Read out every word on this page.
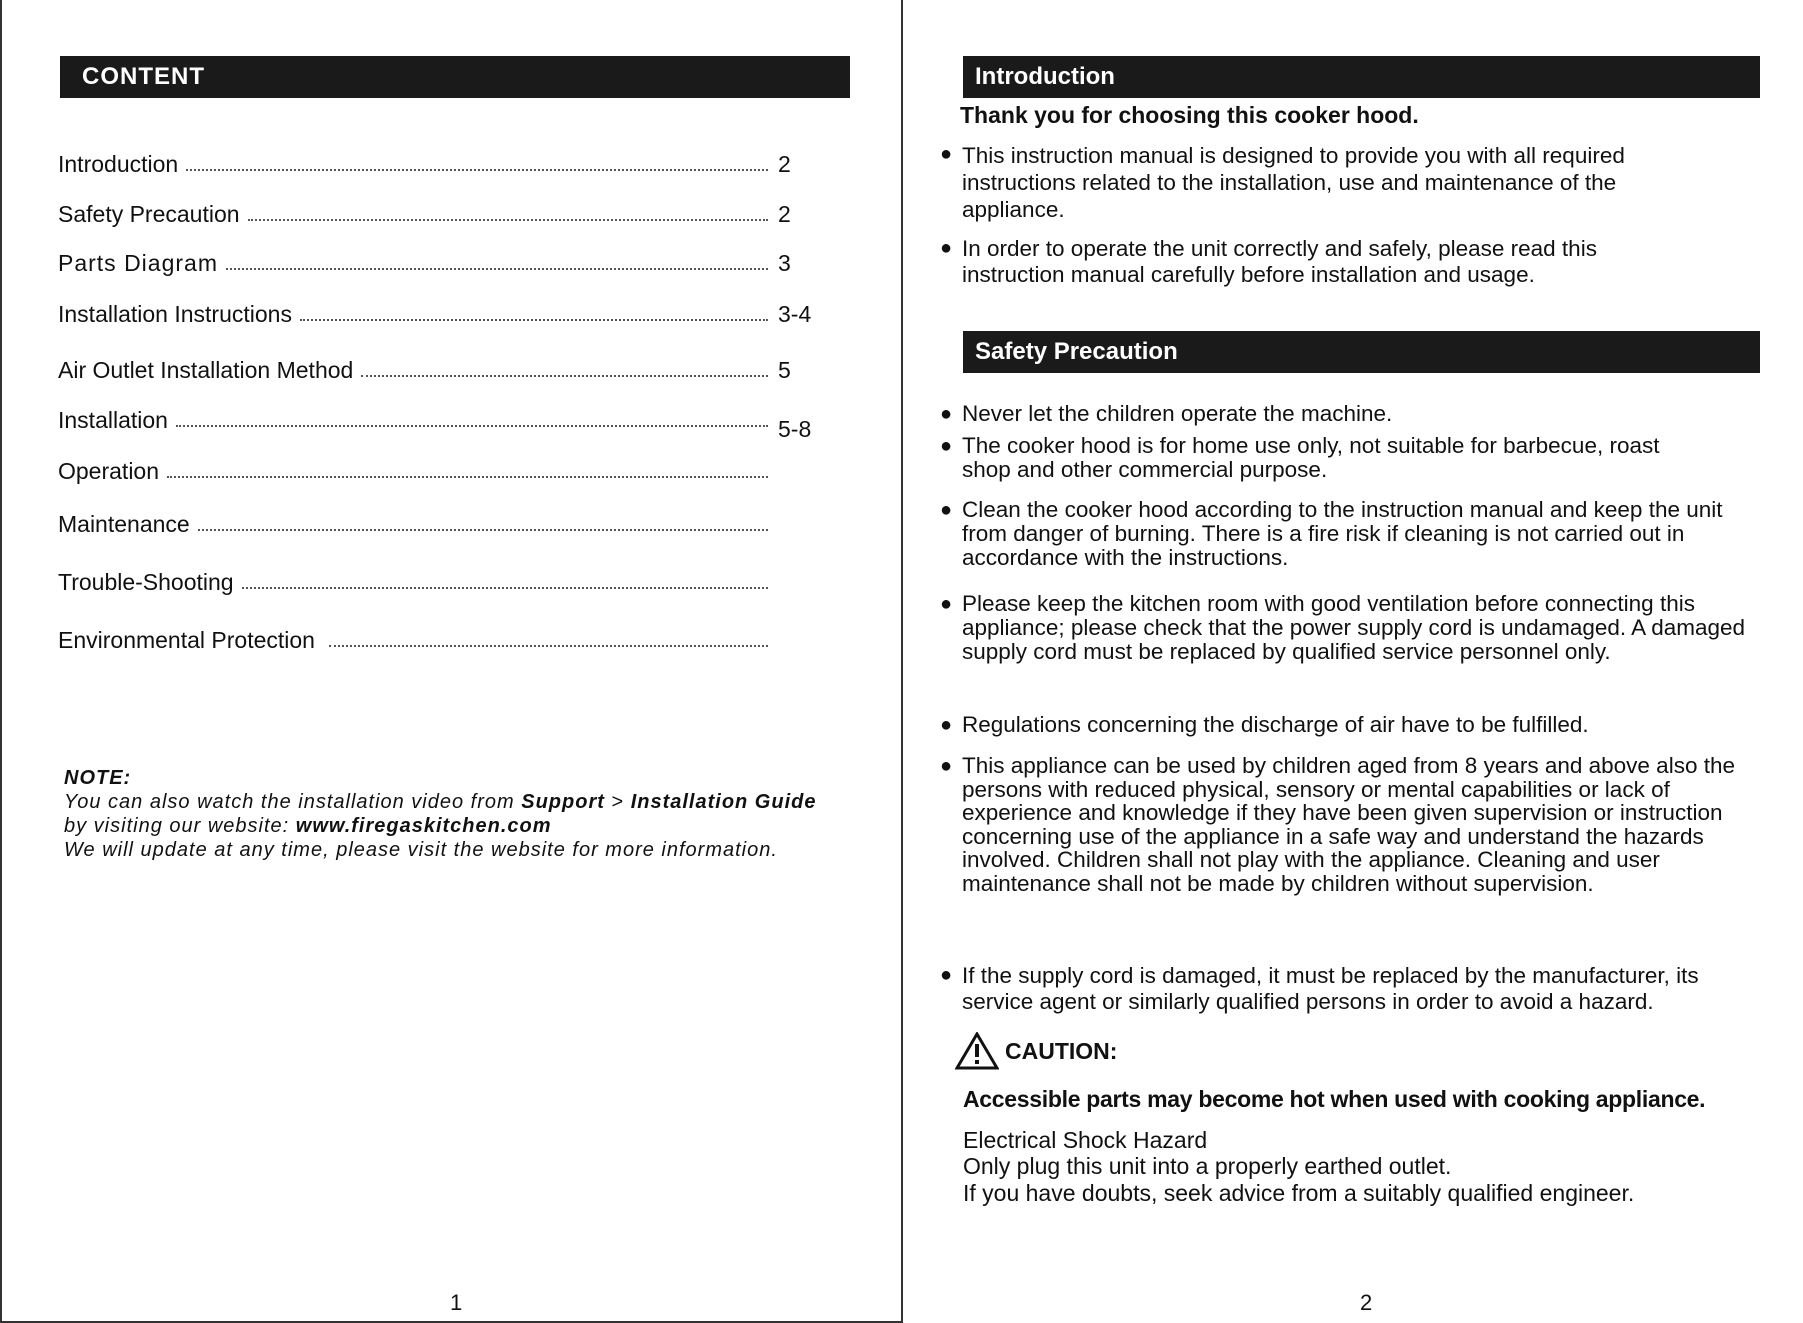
CONTENT
Introduction	2
Safety Precaution	2
Parts Diagram	3
Installation Instructions	3-4
Air Outlet Installation Method	5
Installation	5-8
Operation
Maintenance
Trouble-Shooting
Environmental Protection
NOTE:
You can also watch the installation video from Support > Installation Guide
by visiting our website: www.firegaskitchen.com
We will update at any time, please visit the website for more information.
1
Introduction
Thank you for choosing this cooker hood.
● This instruction manual is designed to provide you with all required instructions related to the installation, use and maintenance of the appliance.
● In order to operate the unit correctly and safely, please read this instruction manual carefully before installation and usage.
Safety Precaution
● Never let the children operate the machine.
● The cooker hood is for home use only, not suitable for barbecue, roast shop and other commercial purpose.
● Clean the cooker hood according to the instruction manual and keep the unit from danger of burning. There is a fire risk if cleaning is not carried out in accordance with the instructions.
● Please keep the kitchen room with good ventilation before connecting this appliance; please check that the power supply cord is undamaged. A damaged supply cord must be replaced by qualified service personnel only.
● Regulations concerning the discharge of air have to be fulfilled.
● This appliance can be used by children aged from 8 years and above also the persons with reduced physical, sensory or mental capabilities or lack of experience and knowledge if they have been given supervision or instruction concerning use of the appliance in a safe way and understand the hazards involved. Children shall not play with the appliance. Cleaning and user maintenance shall not be made by children without supervision.
● If the supply cord is damaged, it must be replaced by the manufacturer, its service agent or similarly qualified persons in order to avoid a hazard.
CAUTION:
Accessible parts may become hot when used with cooking appliance.
Electrical Shock Hazard
Only plug this unit into a properly earthed outlet.
If you have doubts, seek advice from a suitably qualified engineer.
2
